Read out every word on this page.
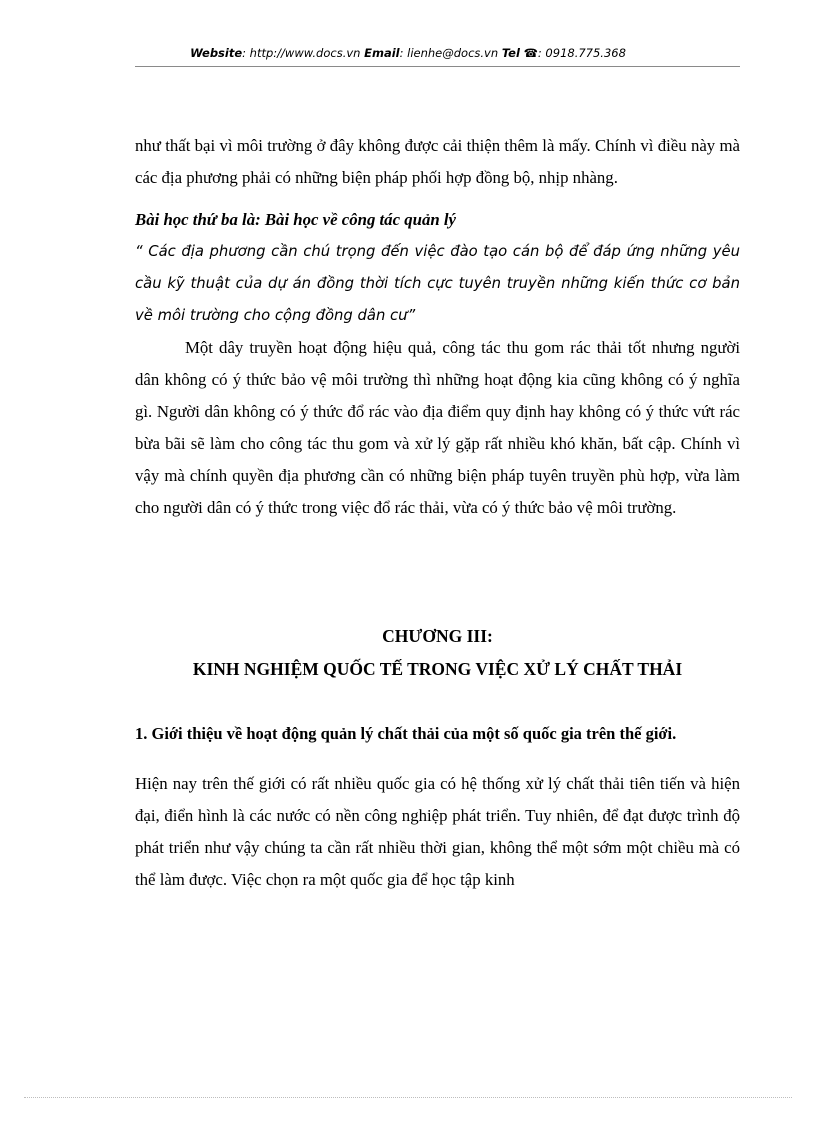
Website: http://www.docs.vn Email: lienhe@docs.vn Tel ☎: 0918.775.368

như thất bại vì môi trường ở đây không được cải thiện thêm là mấy. Chính vì điều này mà các địa phương phải có những biện pháp phối hợp đồng bộ, nhịp nhàng.

Bài học thứ ba là: Bài học về công tác quản lý

“ Các địa phương cần chú trọng đến việc đào tạo cán bộ để đáp ứng những yêu cầu kỹ thuật của dự án đồng thời tích cực tuyên truyền những kiến thức cơ bản về môi trường cho cộng đồng dân cư”

Một dây truyền hoạt động hiệu quả, công tác thu gom rác thải tốt nhưng người dân không có ý thức bảo vệ môi trường thì những hoạt động kia cũng không có ý nghĩa gì. Người dân không có ý thức đổ rác vào địa điểm quy định hay không có ý thức vứt rác bừa bãi sẽ làm cho công tác thu gom và xử lý gặp rất nhiều khó khăn, bất cập. Chính vì vậy mà chính quyền địa phương cần có những biện pháp tuyên truyền phù hợp, vừa làm cho người dân có ý thức trong việc đổ rác thải, vừa có ý thức bảo vệ môi trường.

CHƯƠNG III:
KINH NGHIỆM QUỐC TẾ TRONG VIỆC XỬ LÝ CHẤT THẢI

1. Giới thiệu về hoạt động quản lý chất thải của một số quốc gia trên thế giới.

Hiện nay trên thế giới có rất nhiều quốc gia có hệ thống xử lý chất thải tiên tiến và hiện đại, điển hình là các nước có nền công nghiệp phát triển. Tuy nhiên, để đạt được trình độ phát triển như vậy chúng ta cần rất nhiều thời gian, không thể một sớm một chiều mà có thể làm được. Việc chọn ra một quốc gia để học tập kinh
